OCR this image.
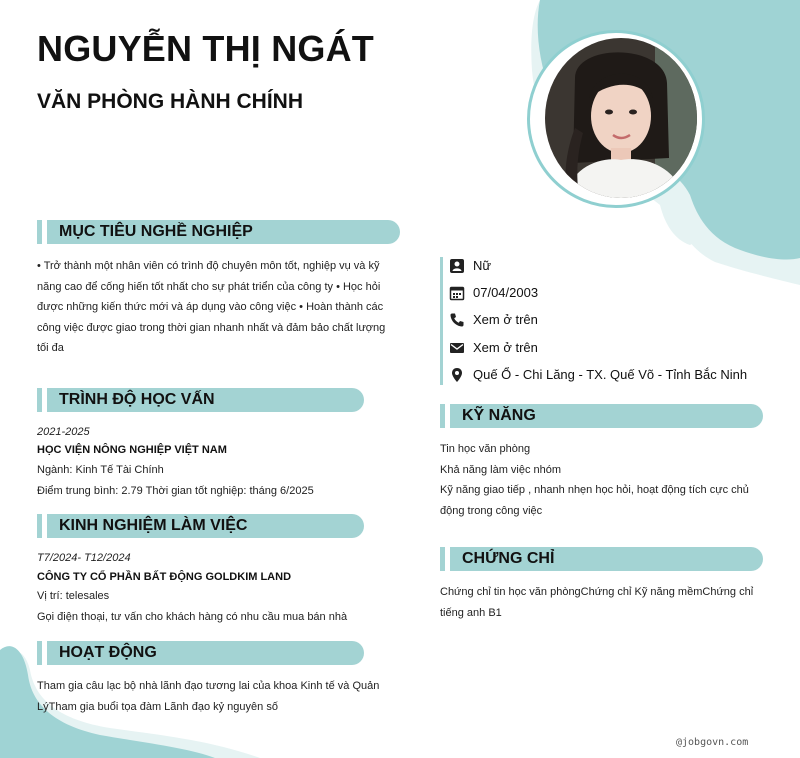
NGUYỄN THỊ NGÁT
VĂN PHÒNG HÀNH CHÍNH
MỤC TIÊU NGHỀ NGHIỆP
• Trở thành một nhân viên có trình độ chuyên môn tốt, nghiệp vụ và kỹ
năng cao để cống hiến tốt nhất cho sự phát triển của công ty • Học hỏi
được những kiến thức mới và áp dụng vào công việc • Hoàn thành các
công việc được giao trong thời gian nhanh nhất và đảm bảo chất lượng
tối đa
TRÌNH ĐỘ HỌC VẤN
2021-2025
HỌC VIỆN NÔNG NGHIỆP VIỆT NAM
Ngành: Kinh Tế Tài Chính
Điểm trung bình: 2.79 Thời gian tốt nghiệp: tháng 6/2025
KINH NGHIỆM LÀM VIỆC
T7/2024- T12/2024
CÔNG TY CỔ PHẦN BẤT ĐỘNG GOLDKIM LAND
Vị trí: telesales
Gọi điện thoại, tư vấn cho khách hàng có nhu cầu mua bán nhà
HOẠT ĐỘNG
Tham gia câu lạc bộ nhà lãnh đạo tương lai của khoa Kinh tế và Quản
LýTham gia buổi tọa đàm Lãnh đạo kỷ nguyên số
Nữ
07/04/2003
Xem ở trên
Xem ở trên
Quế Ổ - Chi Lăng - TX. Quế Võ - Tỉnh Bắc Ninh
KỸ NĂNG
Tin học văn phòng
Khả năng làm việc nhóm
Kỹ năng giao tiếp , nhanh nhẹn học hỏi, hoạt động tích cực chủ
động trong công việc
CHỨNG CHỈ
Chứng chỉ tin học văn phòngChứng chỉ Kỹ năng mềmChứng chỉ
tiếng anh B1
@jobgovn.com
